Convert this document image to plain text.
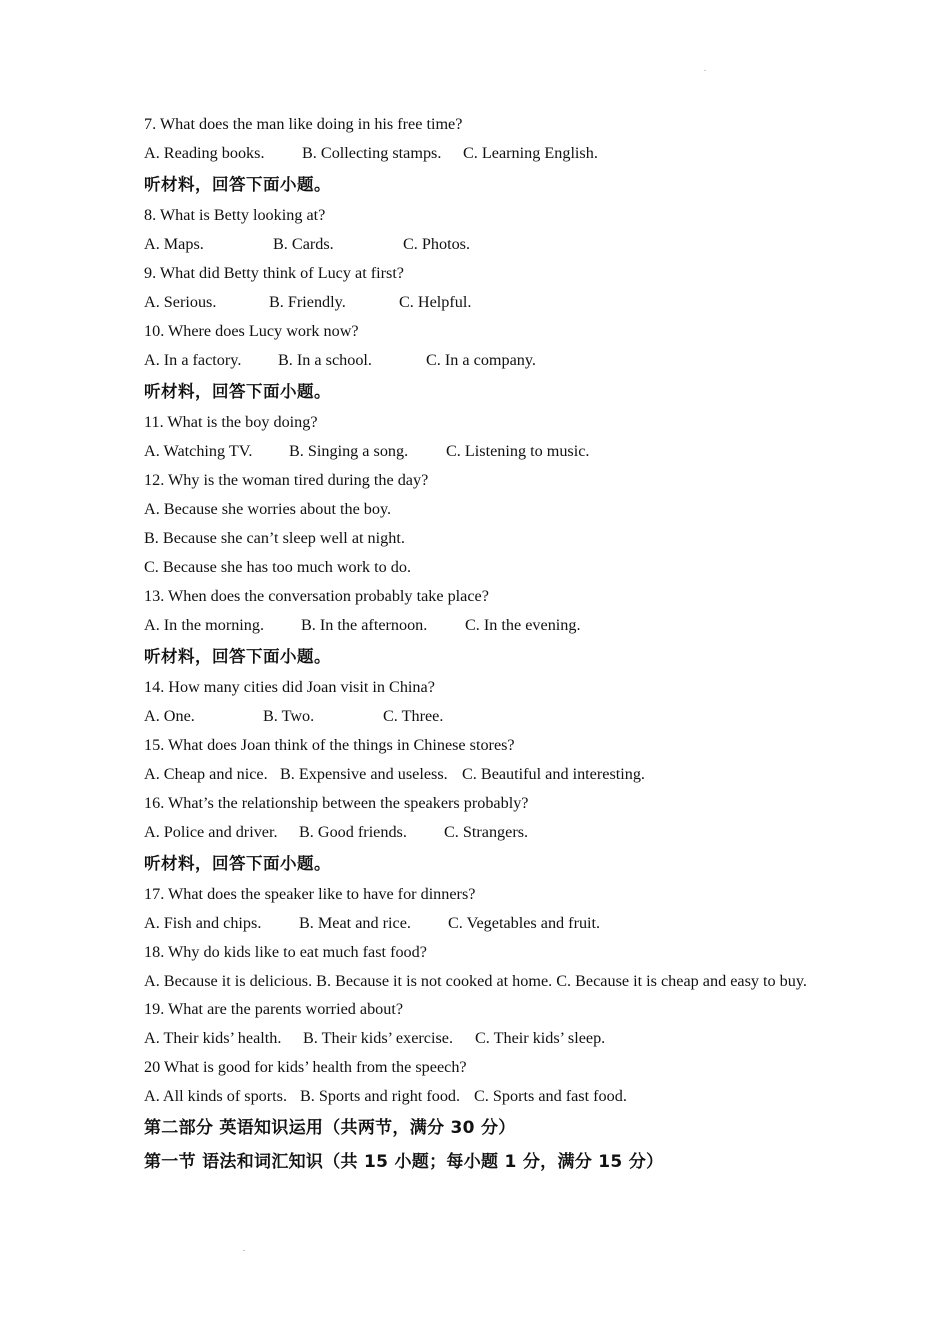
7. What does the man like doing in his free time?
A. Reading books.	B. Collecting stamps.	C. Learning English.
听材料，回答下面小题。
8. What is Betty looking at?
A. Maps.	B. Cards.	C. Photos.
9. What did Betty think of Lucy at first?
A. Serious.	B. Friendly.	C. Helpful.
10. Where does Lucy work now?
A. In a factory.	B. In a school.	C. In a company.
听材料，回答下面小题。
11. What is the boy doing?
A. Watching TV.	B. Singing a song.	C. Listening to music.
12. Why is the woman tired during the day?
A. Because she worries about the boy.
B. Because she can’t sleep well at night.
C. Because she has too much work to do.
13. When does the conversation probably take place?
A. In the morning.	B. In the afternoon.	C. In the evening.
听材料，回答下面小题。
14. How many cities did Joan visit in China?
A. One.	B. Two.	C. Three.
15. What does Joan think of the things in Chinese stores?
A. Cheap and nice. B. Expensive and useless. C. Beautiful and interesting.
16. What’s the relationship between the speakers probably?
A. Police and driver.	B. Good friends.	C. Strangers.
听材料，回答下面小题。
17. What does the speaker like to have for dinners?
A. Fish and chips.	B. Meat and rice.	C. Vegetables and fruit.
18. Why do kids like to eat much fast food?
A. Because it is delicious. B. Because it is not cooked at home. C. Because it is cheap and easy to buy.
19. What are the parents worried about?
A. Their kids’ health.	B. Their kids’ exercise.	C. Their kids’ sleep.
20 What is good for kids’ health from the speech?
A. All kinds of sports. B. Sports and right food. C. Sports and fast food.
第二部分 英语知识运用（共两节，满分 30 分）
第一节 语法和词汇知识（共 15 小题；每小题 1 分，满分 15 分）
